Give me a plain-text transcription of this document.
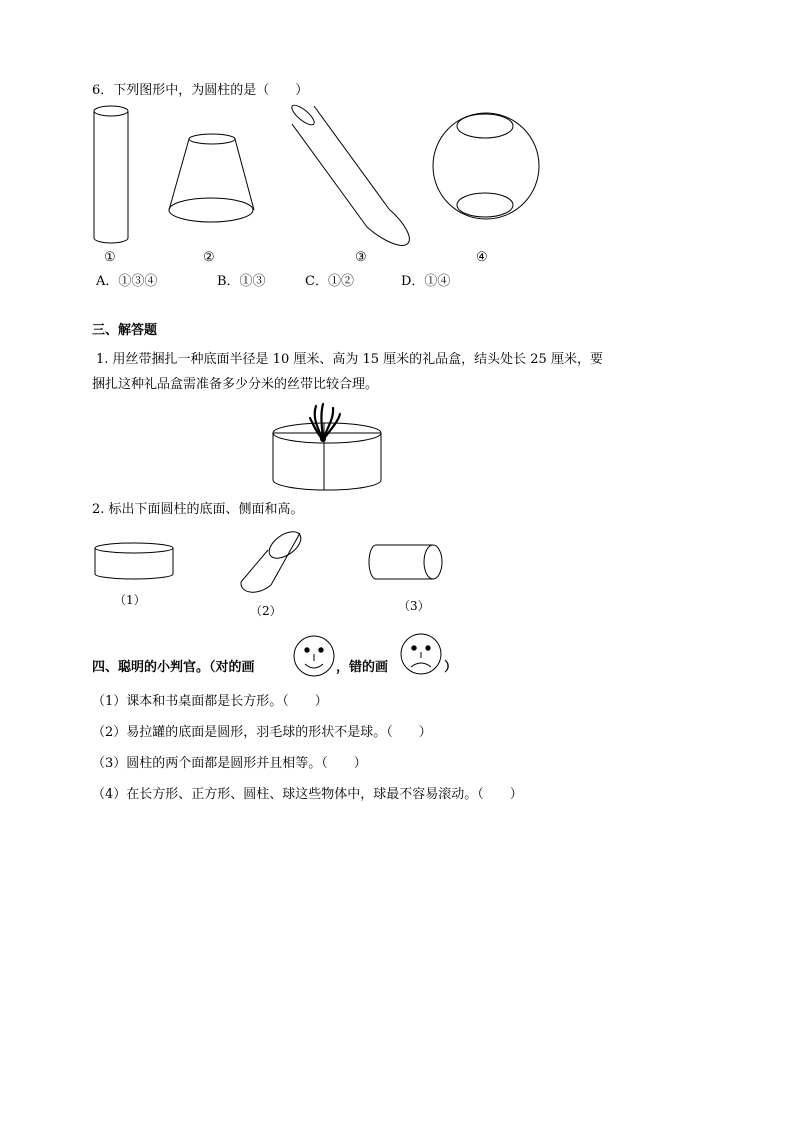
6．下列图形中，为圆柱的是（　　）
①	②	③	④
A．①③④	B．①③	C．①②	D．①④
三、解答题
1. 用丝带捆扎一种底面半径是 10 厘米、高为 15 厘米的礼品盒，结头处长 25 厘米，要
捆扎这种礼品盒需准备多少分米的丝带比较合理。
2. 标出下面圆柱的底面、侧面和高。
（1）
（2）	（3）
四、聪明的小判官。（对的画	，错的画	）
（1）课本和书桌面都是长方形。（　　）
（2）易拉罐的底面是圆形，羽毛球的形状不是球。（　　）
（3）圆柱的两个面都是圆形并且相等。（　　）
（4）在长方形、正方形、圆柱、球这些物体中，球最不容易滚动。（　　）
